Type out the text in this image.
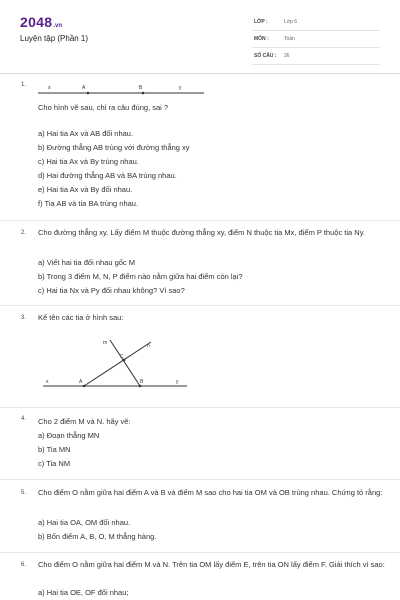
2048.vn
Luyện tập (Phần 1)
LỚP :	Lớp 6
MÔN :	Toán
SỐ CÂU : 26
1.	x	A	B	y
Cho hình vẽ sau, chỉ ra câu đúng, sai ?
a) Hai tia Ax và AB đối nhau.
b) Đường thẳng AB trùng với đường thẳng xy
c) Hai tia Ax và By trùng nhau.
d) Hai đường thẳng AB và BA trùng nhau.
e) Hai tia Ax và By đối nhau.
f) Tia AB và tia BA trùng nhau.
2. Cho đường thẳng xy. Lấy điểm M thuộc đường thẳng xy, điểm N thuộc tia Mx, điểm P thuộc tia Ny.
a) Viết hai tia đối nhau gốc M
b) Trong 3 điểm M, N, P điểm nào nằm giữa hai điểm còn lại?
c) Hai tia Nx và Py đối nhau không? Vì sao?
3. Kể tên các tia ở hình sau:
m	n
C
x	A	B	y
4. Cho 2 điểm M và N. hãy vẽ:
a) Đoạn thẳng MN
b) Tia MN
c) Tia NM
5. Cho điểm O nằm giữa hai điểm A và B và điểm M sao cho hai tia OM và OB trùng nhau. Chứng tỏ rằng:
a) Hai tia OA, OM đối nhau.
b) Bốn điểm A, B, O, M thẳng hàng.
6. Cho điểm O nằm giữa hai điểm M và N. Trên tia OM lấy điểm E, trên tia ON lấy điểm F. Giải thích vì sao:
a) Hai tia OE, OF đối nhau;
